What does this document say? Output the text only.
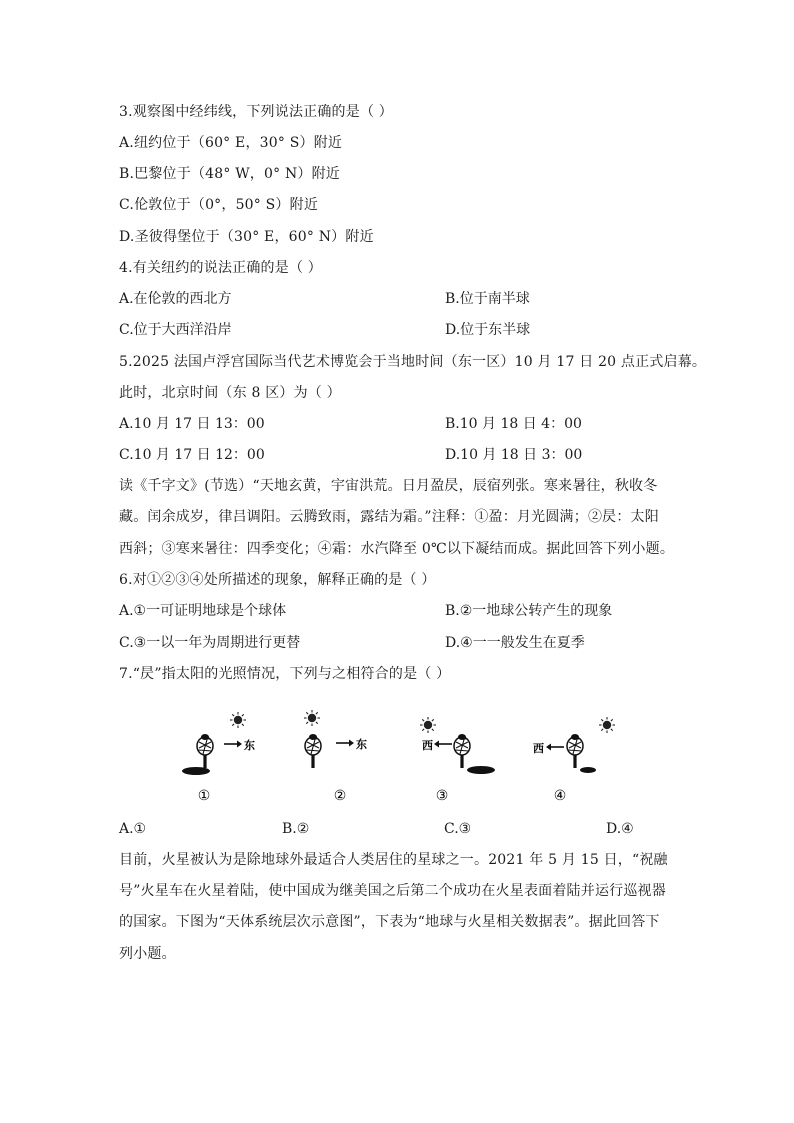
3.观察图中经纬线，下列说法正确的是（ ）
A.纽约位于（60° E，30° S）附近
B.巴黎位于（48° W，0° N）附近
C.伦敦位于（0°，50° S）附近
D.圣彼得堡位于（30° E，60° N）附近
4.有关纽约的说法正确的是（ ）
A.在伦敦的西北方	B.位于南半球
C.位于大西洋沿岸	D.位于东半球
5.2025 法国卢浮宫国际当代艺术博览会于当地时间（东一区）10 月 17 日 20 点正式启幕。
此时，北京时间（东 8 区）为（ ）
A.10 月 17 日 13：00	B.10 月 18 日 4：00
C.10 月 17 日 12：00	D.10 月 18 日 3：00
读《千字文》(节选）“天地玄黄，宇宙洪荒。日月盈昃，辰宿列张。寒来暑往，秋收冬
藏。闰余成岁，律吕调阳。云腾致雨，露结为霜。”注释：①盈：月光圆满；②昃：太阳
西斜；③寒来暑往：四季变化；④霜：水汽降至 0℃以下凝结而成。据此回答下列小题。
6.对①②③④处所描述的现象，解释正确的是（ ）
A.①一可证明地球是个球体	B.②一地球公转产生的现象
C.③一以一年为周期进行更替	D.④一一般发生在夏季
7.“昃”指太阳的光照情况，下列与之相符合的是（ ）
东
①
东
②
西
③
西
④
A.①	B.②	C.③	D.④
目前，火星被认为是除地球外最适合人类居住的星球之一。2021 年 5 月 15 日，“祝融
号”火星车在火星着陆，使中国成为继美国之后第二个成功在火星表面着陆并运行巡视器
的国家。下图为“天体系统层次示意图”，下表为“地球与火星相关数据表”。据此回答下
列小题。
